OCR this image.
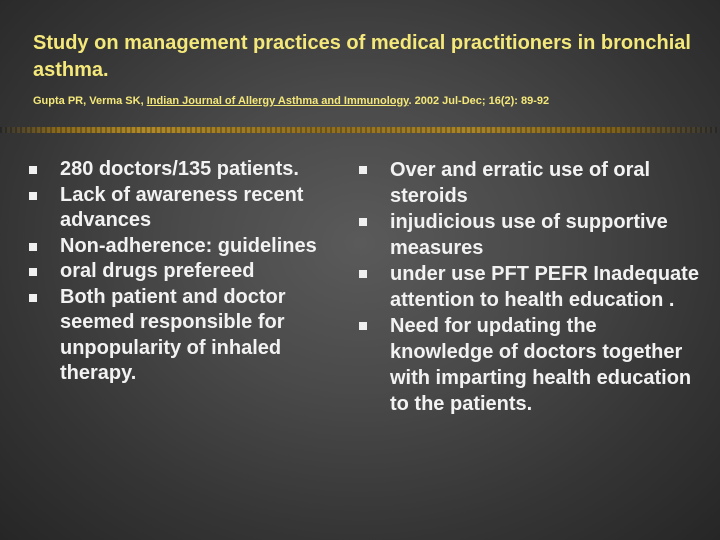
Study on management practices of medical practitioners in bronchial asthma.
Gupta PR, Verma SK, Indian Journal of Allergy Asthma and Immunology. 2002 Jul-Dec; 16(2): 89-92
280 doctors/135 patients.
Lack of awareness recent advances
Non-adherence: guidelines
oral drugs prefereed
Both patient and doctor seemed responsible for unpopularity of inhaled therapy.
Over and erratic use of oral steroids
injudicious use of supportive measures
under use PFT PEFR Inadequate attention to health education .
Need for updating the knowledge of doctors together with imparting health education to the patients.
